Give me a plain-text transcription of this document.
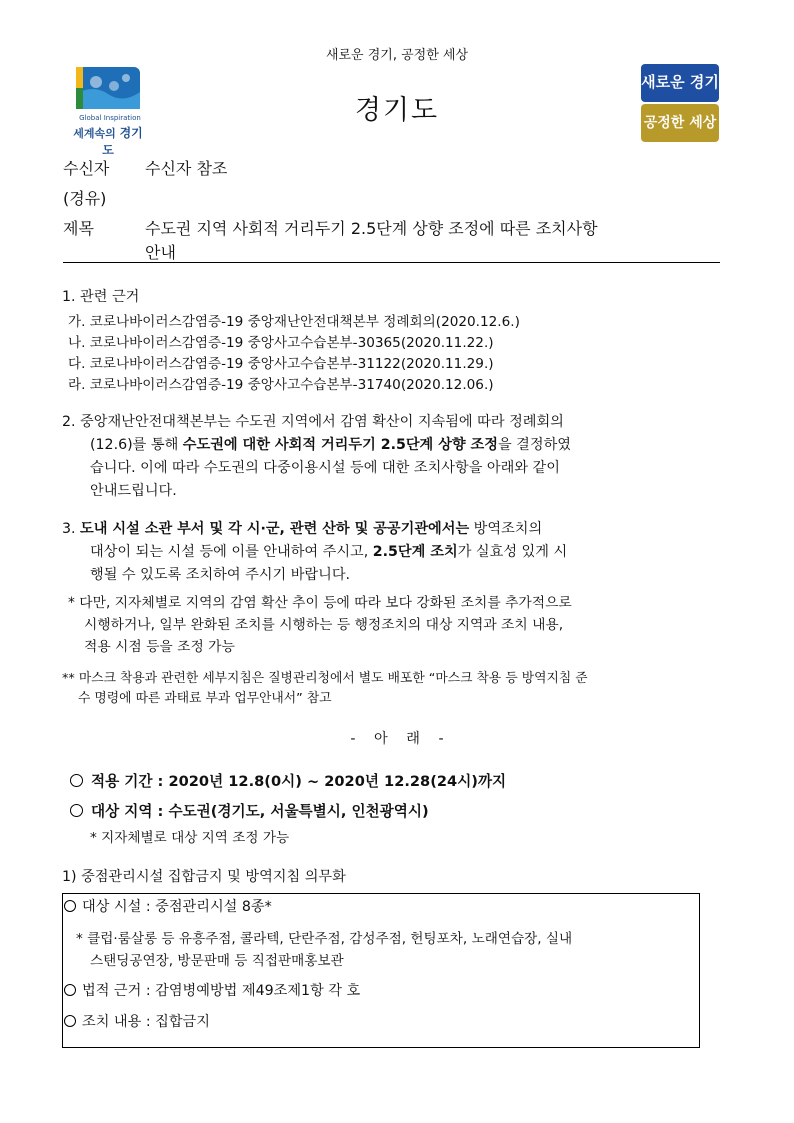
새로운 경기, 공정한 세상
Global Inspiration
세계속의 경기도
경기도
새로운 경기
공정한 세상
수신자 수신자 참조
(경유)
제목	수도권 지역 사회적 거리두기 2.5단계 상향 조정에 따른 조치사항
안내
1. 관련 근거
가. 코로나바이러스감염증-19 중앙재난안전대책본부 정례회의(2020.12.6.)
나. 코로나바이러스감염증-19 중앙사고수습본부-30365(2020.11.22.)
다. 코로나바이러스감염증-19 중앙사고수습본부-31122(2020.11.29.)
라. 코로나바이러스감염증-19 중앙사고수습본부-31740(2020.12.06.)
2. 중앙재난안전대책본부는 수도권 지역에서 감염 확산이 지속됨에 따라 정례회의
(12.6)를 통해 수도권에 대한 사회적 거리두기 2.5단계 상향 조정을 결정하였
습니다. 이에 따라 수도권의 다중이용시설 등에 대한 조치사항을 아래와 같이
안내드립니다.
3. 도내 시설 소관 부서 및 각 시·군, 관련 산하 및 공공기관에서는 방역조치의
대상이 되는 시설 등에 이를 안내하여 주시고, 2.5단계 조치가 실효성 있게 시
행될 수 있도록 조치하여 주시기 바랍니다.
* 다만, 지자체별로 지역의 감염 확산 추이 등에 따라 보다 강화된 조치를 추가적으로
시행하거나, 일부 완화된 조치를 시행하는 등 행정조치의 대상 지역과 조치 내용,
적용 시점 등을 조정 가능
** 마스크 착용과 관련한 세부지침은 질병관리청에서 별도 배포한 “마스크 착용 등 방역지침 준
수 명령에 따른 과태료 부과 업무안내서” 참고
- 아 래 -
적용 기간 : 2020년 12.8(0시) ~ 2020년 12.28(24시)까지
대상 지역 : 수도권(경기도, 서울특별시, 인천광역시)
* 지자체별로 대상 지역 조정 가능
1) 중점관리시설 집합금지 및 방역지침 의무화
대상 시설 : 중점관리시설 8종*
* 클럽·룸살롱 등 유흥주점, 콜라텍, 단란주점, 감성주점, 헌팅포차, 노래연습장, 실내
스탠딩공연장, 방문판매 등 직접판매홍보관
법적 근거 : 감염병예방법 제49조제1항 각 호
조치 내용 : 집합금지
